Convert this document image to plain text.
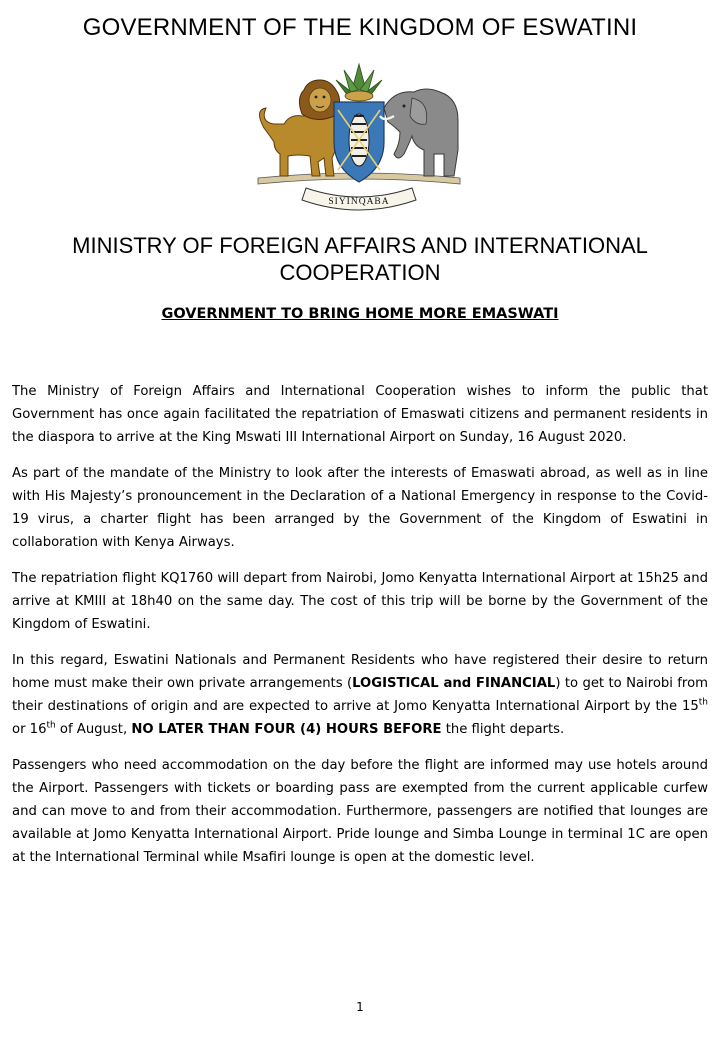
GOVERNMENT OF THE KINGDOM OF ESWATINI
SIYINQABA
MINISTRY OF FOREIGN AFFAIRS AND INTERNATIONAL
COOPERATION
GOVERNMENT TO BRING HOME MORE EMASWATI

The Ministry of Foreign Affairs and International Cooperation wishes to inform the public that Government has once again facilitated the repatriation of Emaswati citizens and permanent residents in the diaspora to arrive at the King Mswati III International Airport on Sunday, 16 August 2020.

As part of the mandate of the Ministry to look after the interests of Emaswati abroad, as well as in line with His Majesty’s pronouncement in the Declaration of a National Emergency in response to the Covid-19 virus, a charter flight has been arranged by the Government of the Kingdom of Eswatini in collaboration with Kenya Airways.

The repatriation flight KQ1760 will depart from Nairobi, Jomo Kenyatta International Airport at 15h25 and arrive at KMIII at 18h40 on the same day. The cost of this trip will be borne by the Government of the Kingdom of Eswatini.

In this regard, Eswatini Nationals and Permanent Residents who have registered their desire to return home must make their own private arrangements (LOGISTICAL and FINANCIAL) to get to Nairobi from their destinations of origin and are expected to arrive at Jomo Kenyatta International Airport by the 15th or 16th of August, NO LATER THAN FOUR (4) HOURS BEFORE the flight departs.

Passengers who need accommodation on the day before the flight are informed may use hotels around the Airport. Passengers with tickets or boarding pass are exempted from the current applicable curfew and can move to and from their accommodation. Furthermore, passengers are notified that lounges are available at Jomo Kenyatta International Airport. Pride lounge and Simba Lounge in terminal 1C are open at the International Terminal while Msafiri lounge is open at the domestic level.

1
